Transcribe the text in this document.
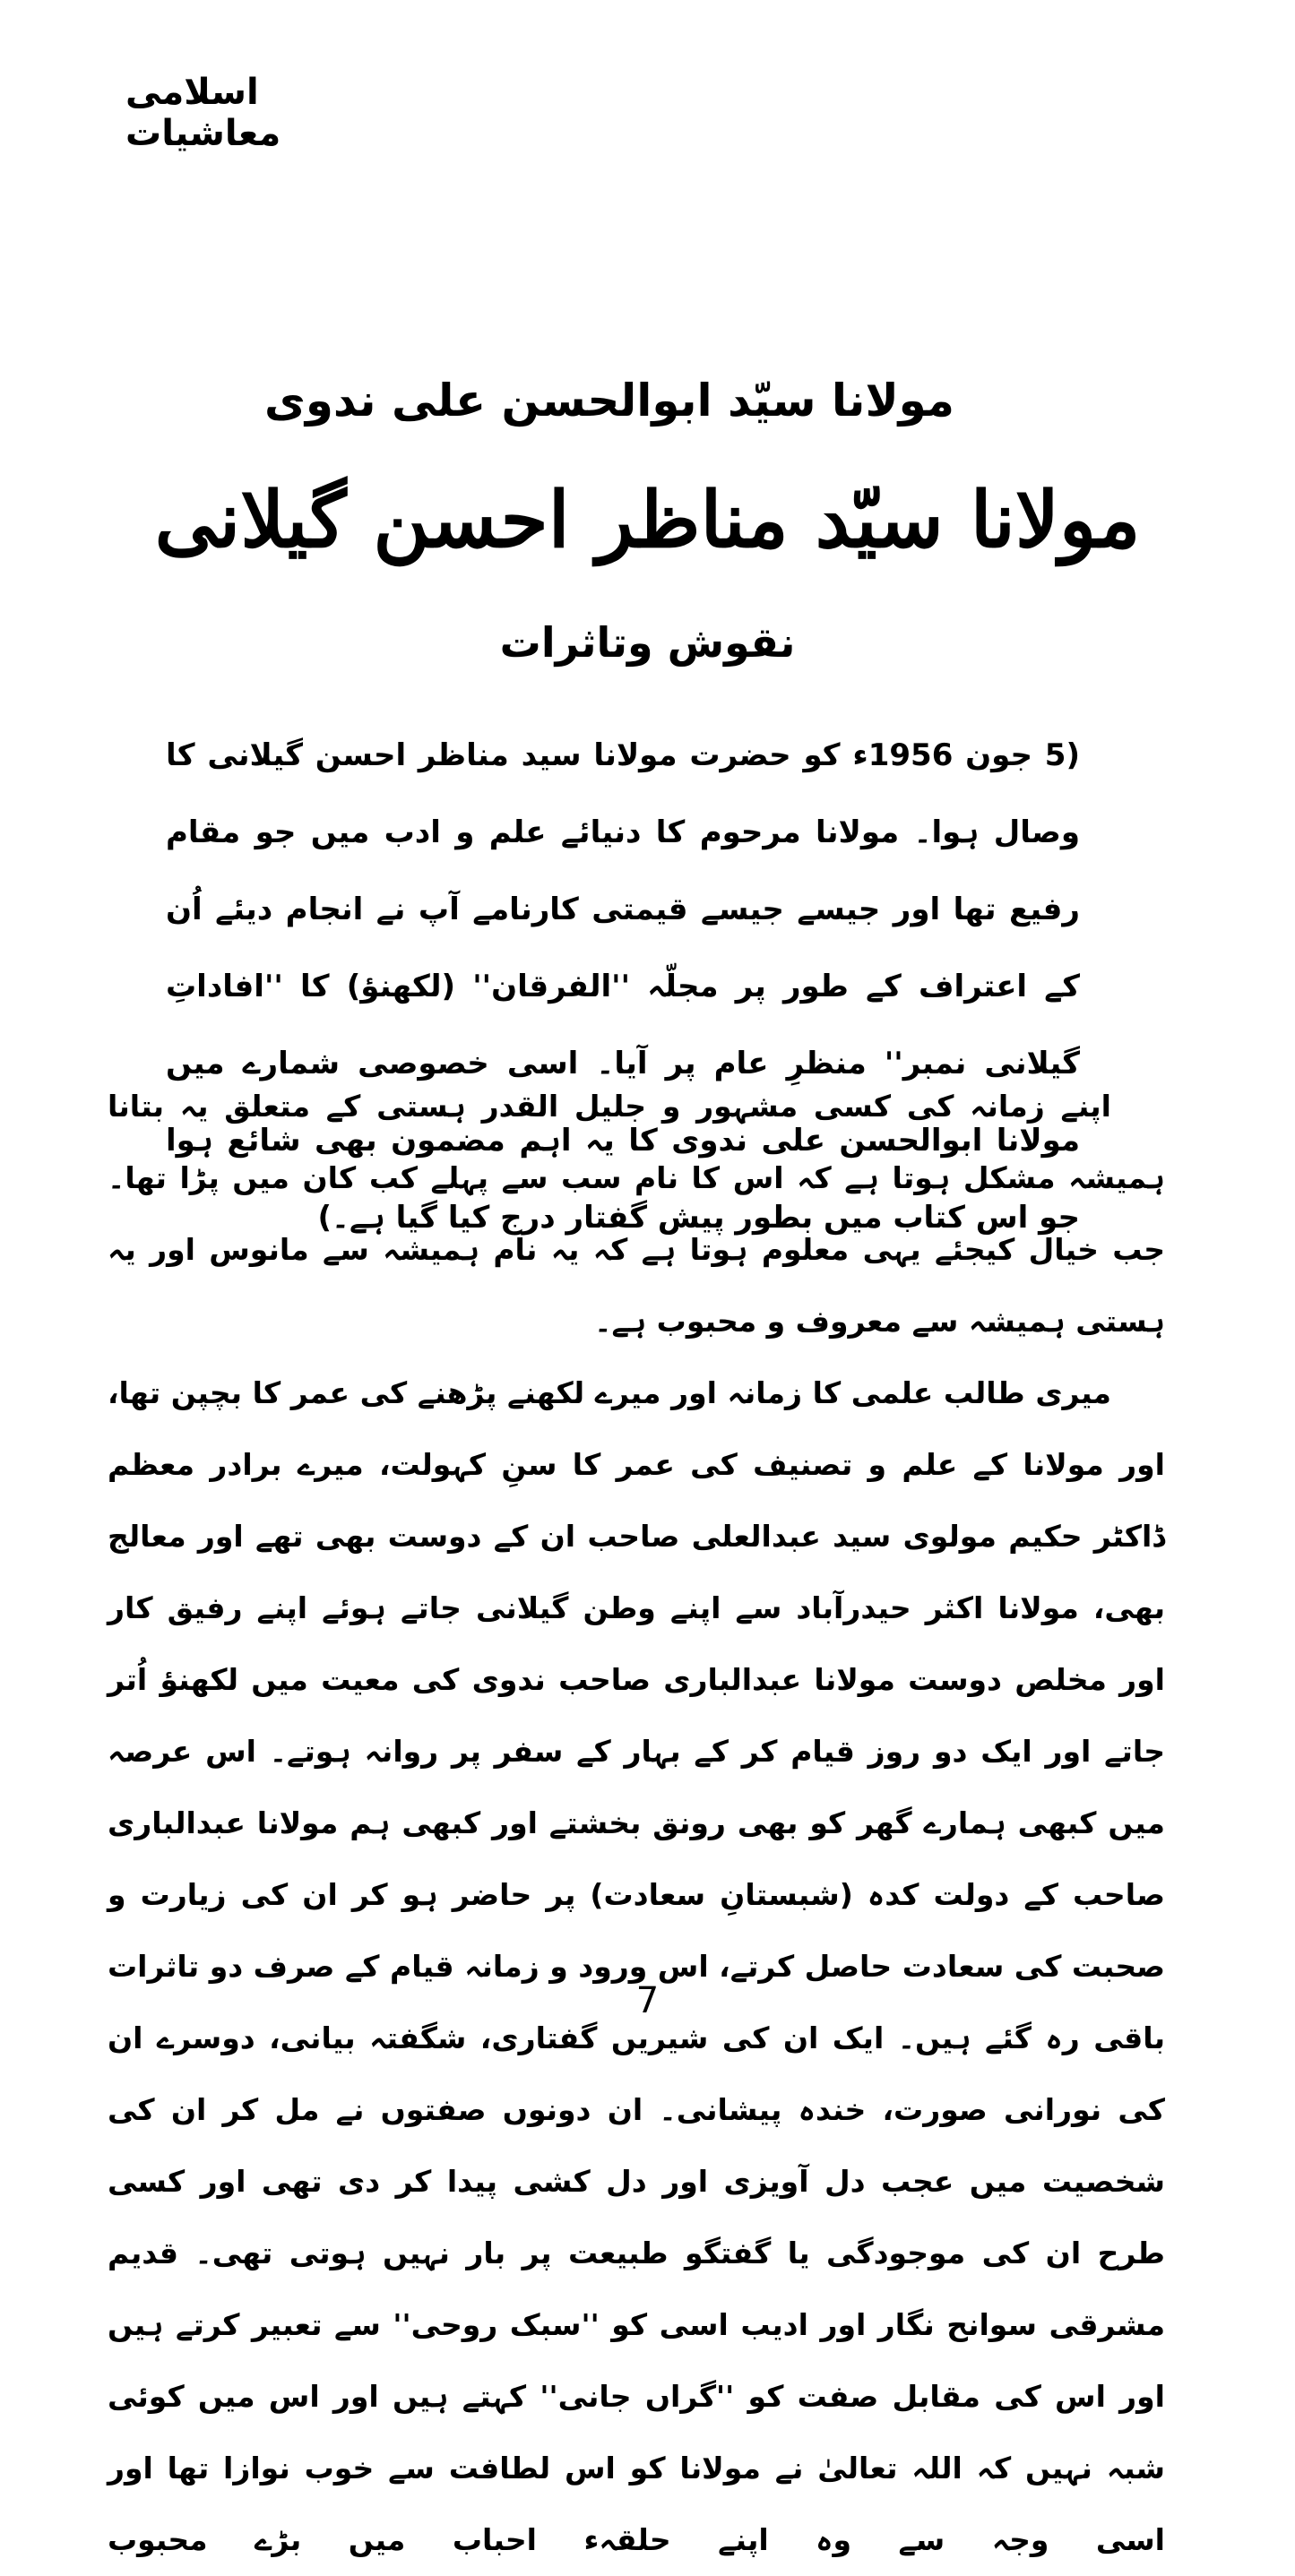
اسلامی معاشیات
مولانا سیّد ابوالحسن علی ندوی
مولانا سیّد مناظر احسن گیلانی
نقوش وتاثرات

(5 جون 1956ء کو حضرت مولانا سید مناظر احسن گیلانی کا وصال ہوا۔ مولانا مرحوم کا دنیائے علم و ادب میں جو مقام رفیع تھا اور جیسے جیسے قیمتی کارنامے آپ نے انجام دیئے اُن کے اعتراف کے طور پر مجلّہ ''الفرقان'' (لکھنؤ) کا ''افاداتِ گیلانی نمبر'' منظرِ عام پر آیا۔ اسی خصوصی شمارے میں مولانا ابوالحسن علی ندوی کا یہ اہم مضمون بھی شائع ہوا جو اس کتاب میں بطور پیش گفتار درج کیا گیا ہے۔)

اپنے زمانہ کی کسی مشہور و جلیل القدر ہستی کے متعلق یہ بتانا ہمیشہ مشکل ہوتا ہے کہ اس کا نام سب سے پہلے کب کان میں پڑا تھا۔ جب خیال کیجئے یہی معلوم ہوتا ہے کہ یہ نام ہمیشہ سے مانوس اور یہ ہستی ہمیشہ سے معروف و محبوب ہے۔

میری طالب علمی کا زمانہ اور میرے لکھنے پڑھنے کی عمر کا بچپن تھا، اور مولانا کے علم و تصنیف کی عمر کا سنِ کہولت، میرے برادر معظم ڈاکٹر حکیم مولوی سید عبدالعلی صاحب ان کے دوست بھی تھے اور معالج بھی، مولانا اکثر حیدرآباد سے اپنے وطن گیلانی جاتے ہوئے اپنے رفیق کار اور مخلص دوست مولانا عبدالباری صاحب ندوی کی معیت میں لکھنؤ اُتر جاتے اور ایک دو روز قیام کر کے بہار کے سفر پر روانہ ہوتے۔ اس عرصہ میں کبھی ہمارے گھر کو بھی رونق بخشتے اور کبھی ہم مولانا عبدالباری صاحب کے دولت کدہ (شبستانِ سعادت) پر حاضر ہو کر ان کی زیارت و صحبت کی سعادت حاصل کرتے، اس ورود و زمانہ قیام کے صرف دو تاثرات باقی رہ گئے ہیں۔ ایک ان کی شیریں گفتاری، شگفتہ بیانی، دوسرے ان کی نورانی صورت، خندہ پیشانی۔ ان دونوں صفتوں نے مل کر ان کی شخصیت میں عجب دل آویزی اور دل کشی پیدا کر دی تھی اور کسی طرح ان کی موجودگی یا گفتگو طبیعت پر بار نہیں ہوتی تھی۔ قدیم مشرقی سوانح نگار اور ادیب اسی کو ''سبک روحی'' سے تعبیر کرتے ہیں اور اس کی مقابل صفت کو ''گراں جانی'' کہتے ہیں اور اس میں کوئی شبہ نہیں کہ اللہ تعالیٰ نے مولانا کو اس لطافت سے خوب نوازا تھا اور اسی وجہ سے وہ اپنے حلقہء احباب میں بڑے محبوب

7
